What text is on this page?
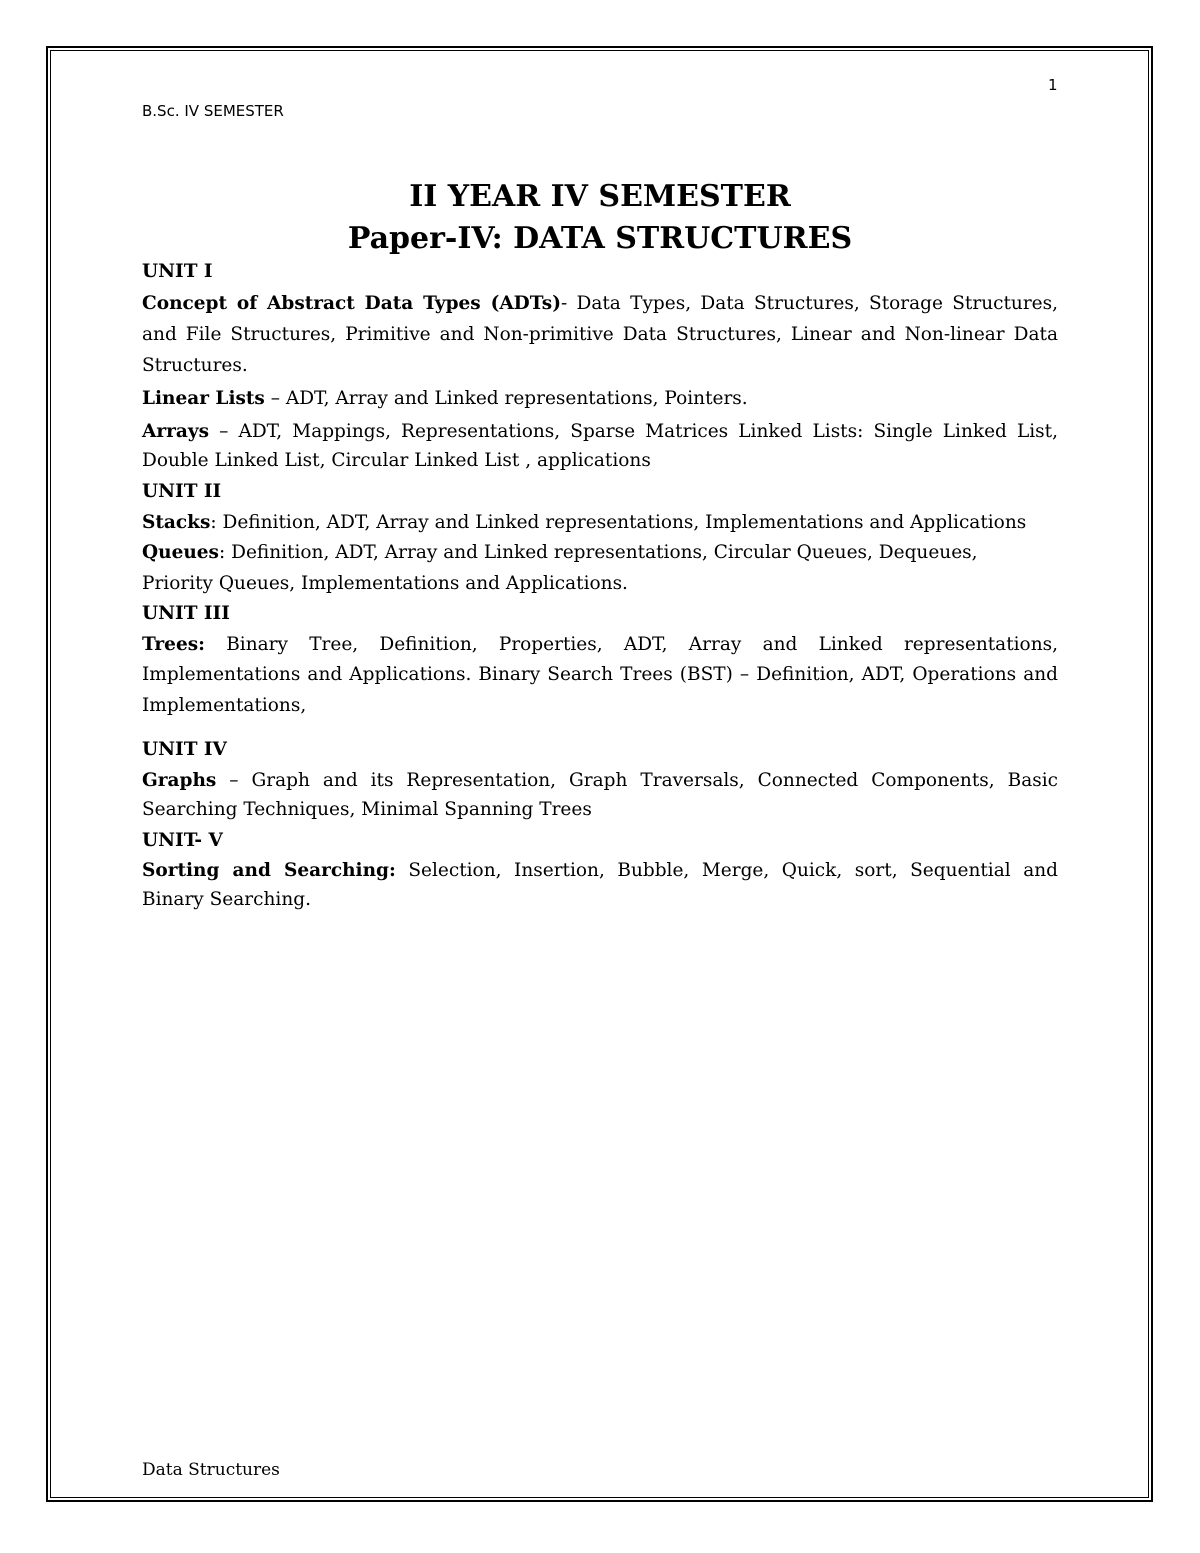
1
B.Sc. IV SEMESTER
II YEAR IV SEMESTER
Paper-IV: DATA STRUCTURES

UNIT I

Concept of Abstract Data Types (ADTs)- Data Types, Data Structures, Storage Structures, and File Structures, Primitive and Non-primitive Data Structures, Linear and Non-linear Data Structures.

Linear Lists – ADT, Array and Linked representations, Pointers.

Arrays – ADT, Mappings, Representations, Sparse Matrices Linked Lists: Single Linked List, Double Linked List, Circular Linked List , applications

UNIT II

Stacks: Definition, ADT, Array and Linked representations, Implementations and Applications

Queues: Definition, ADT, Array and Linked representations, Circular Queues, Dequeues, Priority Queues, Implementations and Applications.

UNIT III

Trees: Binary Tree, Definition, Properties, ADT, Array and Linked representations, Implementations and Applications. Binary Search Trees (BST) – Definition, ADT, Operations and Implementations,

UNIT IV

Graphs – Graph and its Representation, Graph Traversals, Connected Components, Basic Searching Techniques, Minimal Spanning Trees

UNIT- V

Sorting and Searching: Selection, Insertion, Bubble, Merge, Quick, sort, Sequential and Binary Searching.

Data Structures
